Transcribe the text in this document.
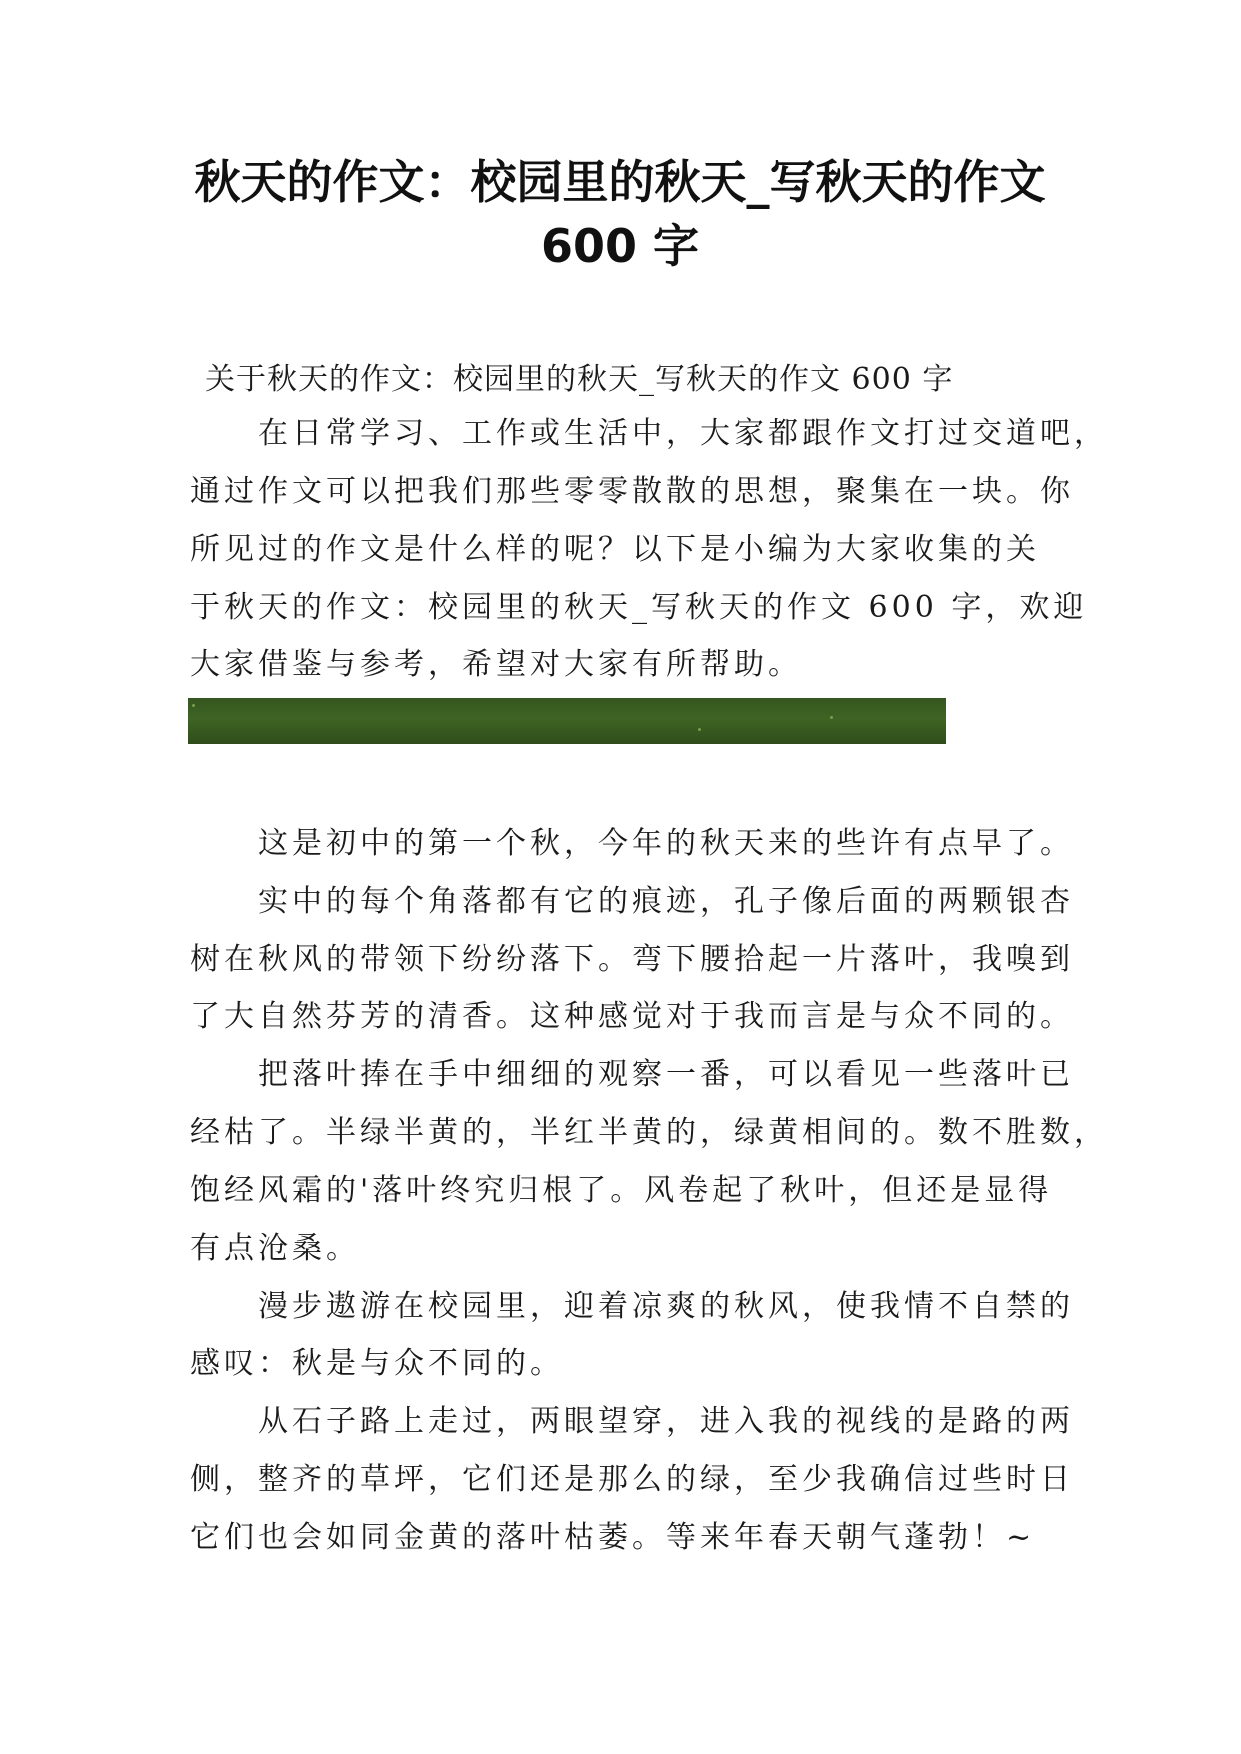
秋天的作文：校园里的秋天_写秋天的作文
600 字

关于秋天的作文：校园里的秋天_写秋天的作文 600 字

在日常学习、工作或生活中，大家都跟作文打过交道吧，

通过作文可以把我们那些零零散散的思想，聚集在一块。你

所见过的作文是什么样的呢？以下是小编为大家收集的关

于秋天的作文：校园里的秋天_写秋天的作文 600 字，欢迎

大家借鉴与参考，希望对大家有所帮助。

这是初中的第一个秋，今年的秋天来的些许有点早了。

实中的每个角落都有它的痕迹，孔子像后面的两颗银杏

树在秋风的带领下纷纷落下。弯下腰拾起一片落叶，我嗅到

了大自然芬芳的清香。这种感觉对于我而言是与众不同的。

把落叶捧在手中细细的观察一番，可以看见一些落叶已

经枯了。半绿半黄的，半红半黄的，绿黄相间的。数不胜数，

饱经风霜的'落叶终究归根了。风卷起了秋叶，但还是显得

有点沧桑。

漫步遨游在校园里，迎着凉爽的秋风，使我情不自禁的

感叹：秋是与众不同的。

从石子路上走过，两眼望穿，进入我的视线的是路的两

侧，整齐的草坪，它们还是那么的绿，至少我确信过些时日

它们也会如同金黄的落叶枯萎。等来年春天朝气蓬勃！~
